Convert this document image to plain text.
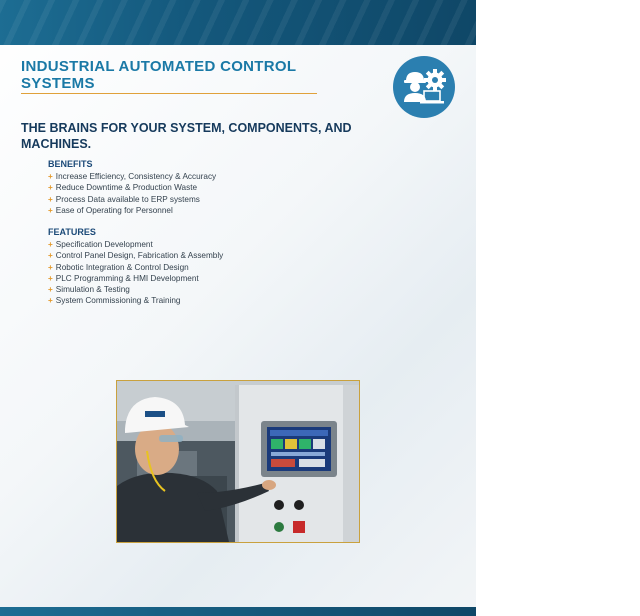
INDUSTRIAL AUTOMATED CONTROL
SYSTEMS
THE BRAINS FOR YOUR SYSTEM, COMPONENTS, AND MACHINES.
BENEFITS
+ Increase Efficiency, Consistency & Accuracy
+ Reduce Downtime & Production Waste
+ Process Data available to ERP systems
+ Ease of Operating for Personnel
FEATURES
+ Specification Development
+ Control Panel Design, Fabrication & Assembly
+ Robotic Integration & Control Design
+ PLC Programming & HMI Development
+ Simulation & Testing
+ System Commissioning & Training
